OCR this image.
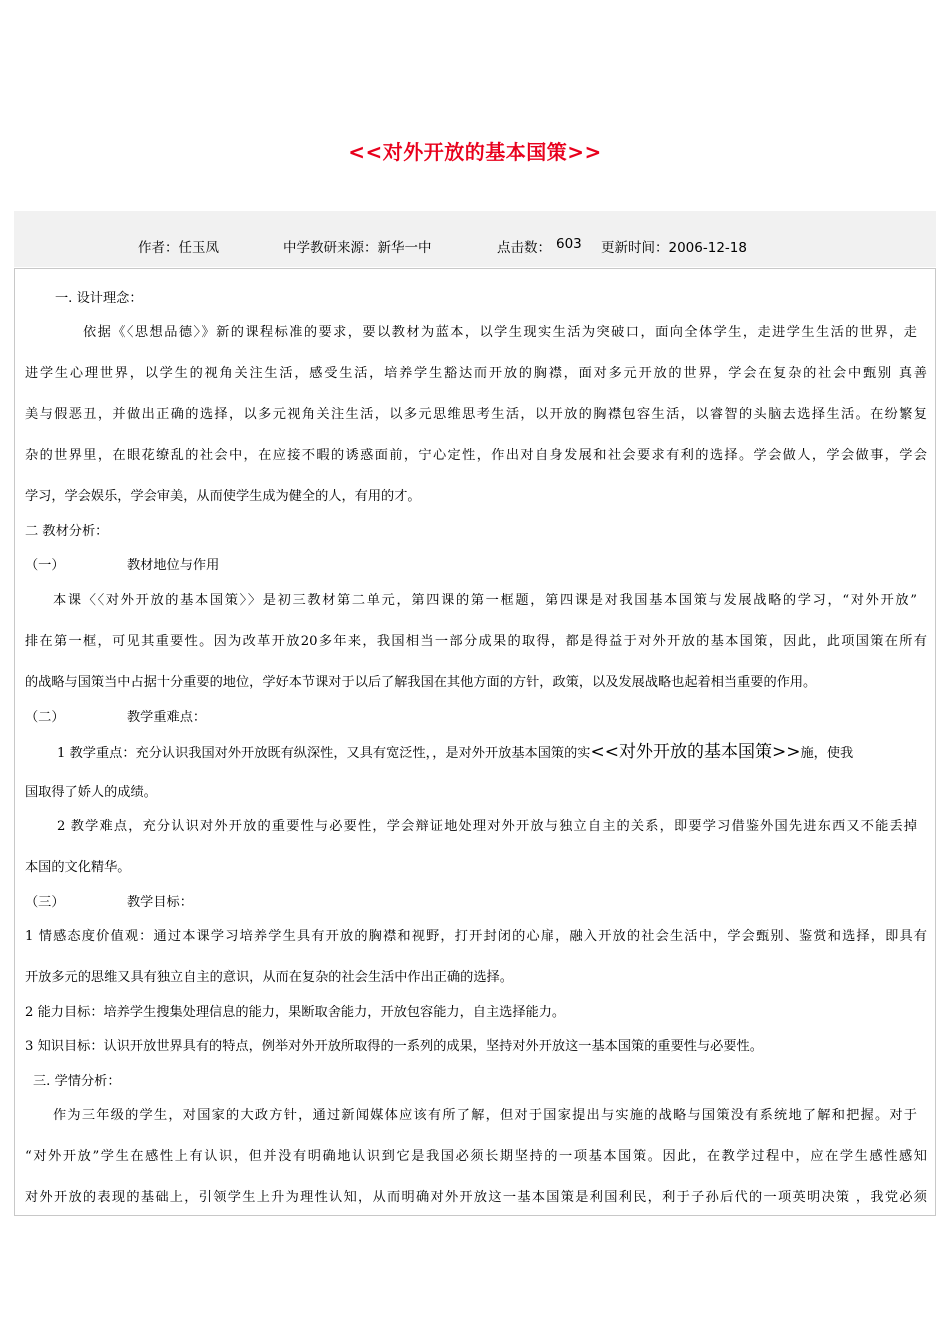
<<对外开放的基本国策>>
作者：任玉凤	中学教研来源：新华一中	点击数： 603 更新时间：2006-12-18
一. 设计理念：
依据《〈思想品德〉》新的课程标准的要求，要以教材为蓝本，以学生现实生活为突破口，面向全体学生，走进学生生活的世界，走
进学生心理世界，以学生的视角关注生活，感受生活，培养学生豁达而开放的胸襟，面对多元开放的世界，学会在复杂的社会中甄别 真善
美与假恶丑，并做出正确的选择，以多元视角关注生活，以多元思维思考生活，以开放的胸襟包容生活，以睿智的头脑去选择生活。在纷繁复
杂的世界里，在眼花缭乱的社会中，在应接不暇的诱惑面前，宁心定性，作出对自身发展和社会要求有利的选择。学会做人，学会做事，学会
学习，学会娱乐，学会审美，从而使学生成为健全的人，有用的才。
二 教材分析：
（一）	教材地位与作用
本课〈〈对外开放的基本国策〉〉是初三教材第二单元，第四课的第一框题，第四课是对我国基本国策与发展战略的学习，“对外开放”
排在第一框，可见其重要性。因为改革开放20多年来，我国相当一部分成果的取得，都是得益于对外开放的基本国策，因此，此项国策在所有
的战略与国策当中占据十分重要的地位，学好本节课对于以后了解我国在其他方面的方针，政策，以及发展战略也起着相当重要的作用。
（二）	教学重难点：
1 教学重点：充分认识我国对外开放既有纵深性，又具有宽泛性，，是对外开放基本国策的实<<对外开放的基本国策>>施，使我
国取得了娇人的成绩。
2 教学难点，充分认识对外开放的重要性与必要性，学会辩证地处理对外开放与独立自主的关系，即要学习借鉴外国先进东西又不能丢掉
本国的文化精华。
（三）	教学目标：
1 情感态度价值观：通过本课学习培养学生具有开放的胸襟和视野，打开封闭的心扉，融入开放的社会生活中，学会甄别、鉴赏和选择，即具有
开放多元的思维又具有独立自主的意识，从而在复杂的社会生活中作出正确的选择。
2 能力目标：培养学生搜集处理信息的能力，果断取舍能力，开放包容能力，自主选择能力。
3 知识目标：认识开放世界具有的特点，例举对外开放所取得的一系列的成果，坚持对外开放这一基本国策的重要性与必要性。
三. 学情分析：
作为三年级的学生，对国家的大政方针，通过新闻媒体应该有所了解，但对于国家提出与实施的战略与国策没有系统地了解和把握。对于
“对外开放”学生在感性上有认识，但并没有明确地认识到它是我国必须长期坚持的一项基本国策。因此，在教学过程中，应在学生感性感知
对外开放的表现的基础上，引领学生上升为理性认知，从而明确对外开放这一基本国策是利国利民，利于子孙后代的一项英明决策 ，我党必须
